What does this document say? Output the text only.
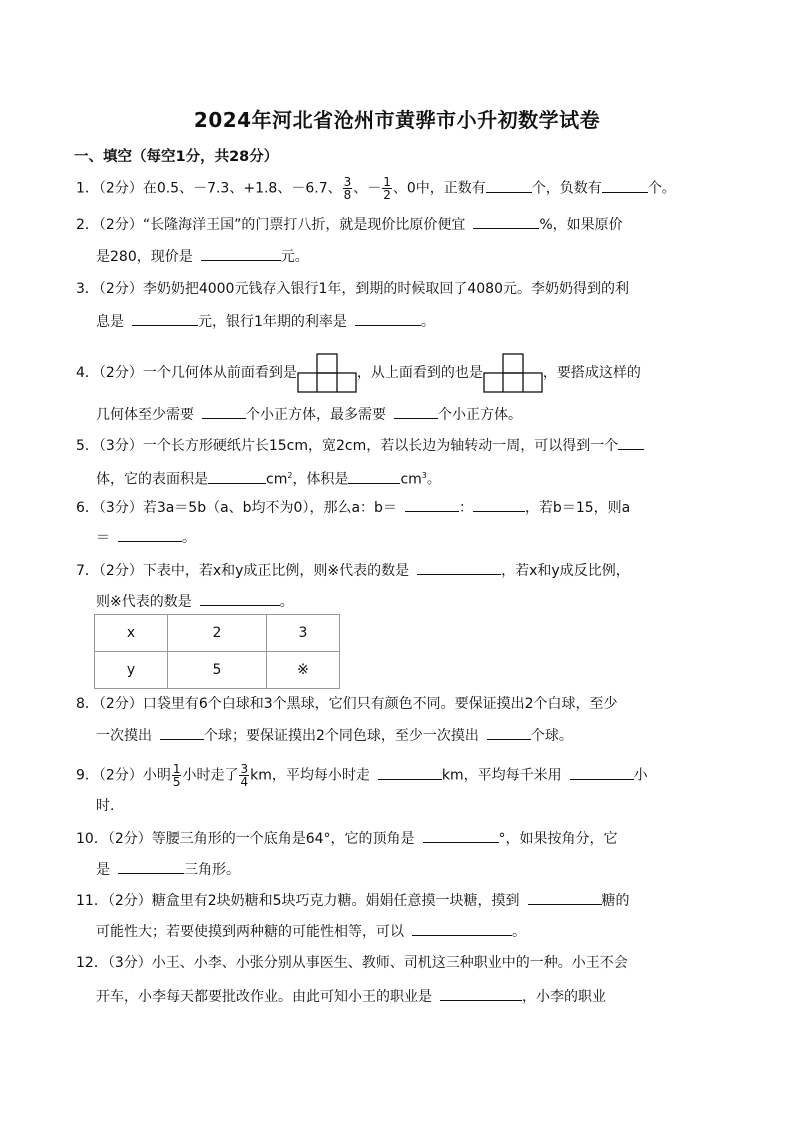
2024年河北省沧州市黄骅市小升初数学试卷
一、填空（每空1分，共28分）
1．（2分）在0.5、－7.3、+1.8、－6.7、 $\frac{3}{8}$ 、－ $\frac{1}{2}$ 、0中，正数有	个，负数有	个。
2．（2分）“长隆海洋王国”的门票打八折，就是现价比原价便宜	%，如果原价
是280，现价是	元。
3．（2分）李奶奶把4000元钱存入银行1年，到期的时候取回了4080元。李奶奶得到的利
息是	元，银行1年期的利率是	。
4．（2分）一个几何体从前面看到是	，从上面看到的也是	，要搭成这样的
几何体至少需要	个小正方体，最多需要	个小正方体。
5．（3分）一个长方形硬纸片长15cm，宽2cm，若以长边为轴转动一周，可以得到一个
体，它的表面积是	$cm^2$，体积是	$cm^3$。
6．（3分）若3a＝5b（a、b均不为0），那么a：b＝	：	，若b＝15，则a
＝	。
7．（2分）下表中，若x和y成正比例，则※代表的数是	，若x和y成反比例，
则※代表的数是	。
x	2	3
y	5	※
8．（2分）口袋里有6个白球和3个黑球，它们只有颜色不同。要保证摸出2个白球，至少
一次摸出	个球；要保证摸出2个同色球，至少一次摸出	个球。
9．（2分）小明 $\frac{1}{5}$ 小时走了 $\frac{3}{4}$ km，平均每小时走	km，平均每千米用	小
时.
10．（2分）等腰三角形的一个底角是64°，它的顶角是	°，如果按角分，它
是	三角形。
11．（2分）糖盒里有2块奶糖和5块巧克力糖。娟娟任意摸一块糖，摸到	糖的
可能性大；若要使摸到两种糖的可能性相等，可以	。
12．（3分）小王、小李、小张分别从事医生、教师、司机这三种职业中的一种。小王不会
开车，小李每天都要批改作业。由此可知小王的职业是	，小李的职业
